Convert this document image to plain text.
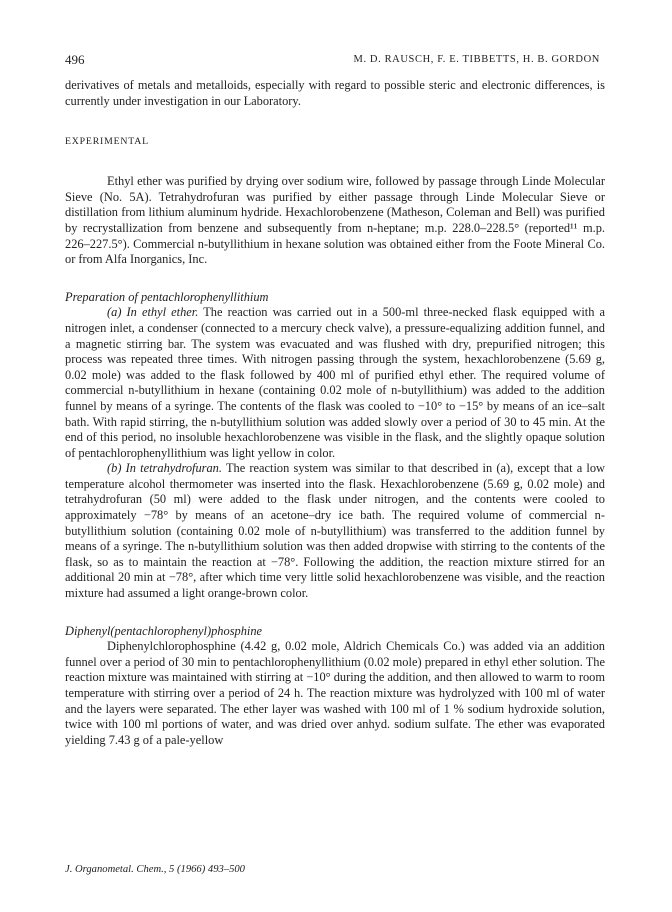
496	M. D. RAUSCH, F. E. TIBBETTS, H. B. GORDON

derivatives of metals and metalloids, especially with regard to possible steric and electronic differences, is currently under investigation in our Laboratory.

EXPERIMENTAL

Ethyl ether was purified by drying over sodium wire, followed by passage through Linde Molecular Sieve (No. 5A). Tetrahydrofuran was purified by either passage through Linde Molecular Sieve or distillation from lithium aluminum hydride. Hexachlorobenzene (Matheson, Coleman and Bell) was purified by recrystallization from benzene and subsequently from n-heptane; m.p. 228.0–228.5° (reported¹¹ m.p. 226–227.5°). Commercial n-butyllithium in hexane solution was obtained either from the Foote Mineral Co. or from Alfa Inorganics, Inc.

Preparation of pentachlorophenyllithium

(a) In ethyl ether. The reaction was carried out in a 500-ml three-necked flask equipped with a nitrogen inlet, a condenser (connected to a mercury check valve), a pressure-equalizing addition funnel, and a magnetic stirring bar. The system was evacuated and was flushed with dry, prepurified nitrogen; this process was repeated three times. With nitrogen passing through the system, hexachlorobenzene (5.69 g, 0.02 mole) was added to the flask followed by 400 ml of purified ethyl ether. The required volume of commercial n-butyllithium in hexane (containing 0.02 mole of n-butyllithium) was added to the addition funnel by means of a syringe. The contents of the flask was cooled to −10° to −15° by means of an ice–salt bath. With rapid stirring, the n-butyllithium solution was added slowly over a period of 30 to 45 min. At the end of this period, no insoluble hexachlorobenzene was visible in the flask, and the slightly opaque solution of pentachlorophenyllithium was light yellow in color.

(b) In tetrahydrofuran. The reaction system was similar to that described in (a), except that a low temperature alcohol thermometer was inserted into the flask. Hexachlorobenzene (5.69 g, 0.02 mole) and tetrahydrofuran (50 ml) were added to the flask under nitrogen, and the contents were cooled to approximately −78° by means of an acetone–dry ice bath. The required volume of commercial n-butyllithium solution (containing 0.02 mole of n-butyllithium) was transferred to the addition funnel by means of a syringe. The n-butyllithium solution was then added dropwise with stirring to the contents of the flask, so as to maintain the reaction at −78°. Following the addition, the reaction mixture stirred for an additional 20 min at −78°, after which time very little solid hexachlorobenzene was visible, and the reaction mixture had assumed a light orange-brown color.

Diphenyl(pentachlorophenyl)phosphine

Diphenylchlorophosphine (4.42 g, 0.02 mole, Aldrich Chemicals Co.) was added via an addition funnel over a period of 30 min to pentachlorophenyllithium (0.02 mole) prepared in ethyl ether solution. The reaction mixture was maintained with stirring at −10° during the addition, and then allowed to warm to room temperature with stirring over a period of 24 h. The reaction mixture was hydrolyzed with 100 ml of water and the layers were separated. The ether layer was washed with 100 ml of 1 % sodium hydroxide solution, twice with 100 ml portions of water, and was dried over anhyd. sodium sulfate. The ether was evaporated yielding 7.43 g of a pale-yellow

J. Organometal. Chem., 5 (1966) 493–500
